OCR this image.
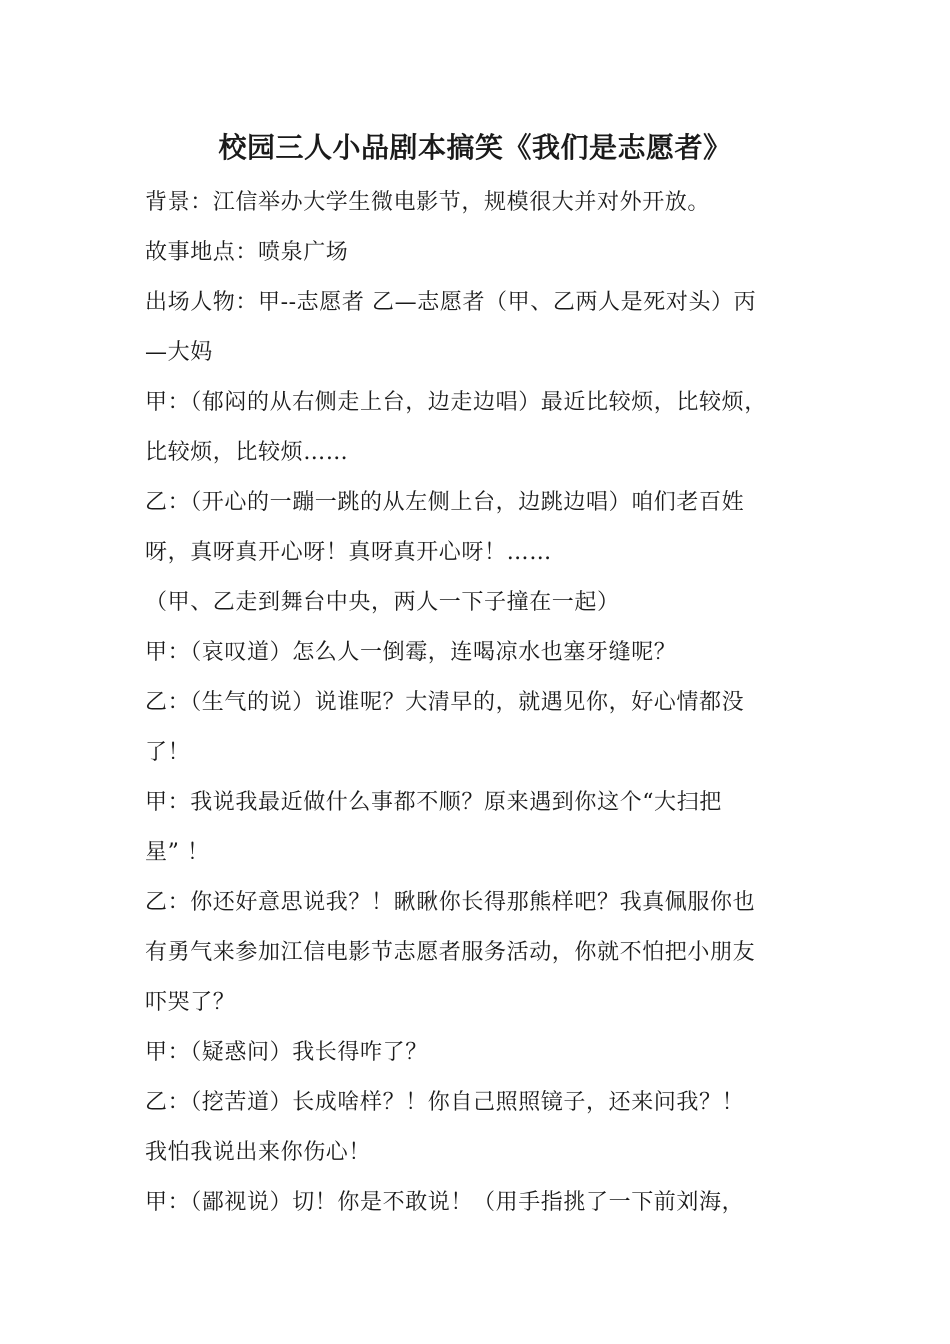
校园三人小品剧本搞笑《我们是志愿者》
背景：江信举办大学生微电影节，规模很大并对外开放。
故事地点：喷泉广场
出场人物：甲--志愿者 乙—志愿者（甲、乙两人是死对头）丙
—大妈
甲：（郁闷的从右侧走上台，边走边唱）最近比较烦，比较烦，
比较烦，比较烦……
乙：（开心的一蹦一跳的从左侧上台，边跳边唱）咱们老百姓
呀，真呀真开心呀！真呀真开心呀！……
（甲、乙走到舞台中央，两人一下子撞在一起）
甲：（哀叹道）怎么人一倒霉，连喝凉水也塞牙缝呢？
乙：（生气的说）说谁呢？大清早的，就遇见你，好心情都没
了！
甲：我说我最近做什么事都不顺？原来遇到你这个“大扫把
星” ！
乙：你还好意思说我？！瞅瞅你长得那熊样吧？我真佩服你也
有勇气来参加江信电影节志愿者服务活动，你就不怕把小朋友
吓哭了？
甲：（疑惑问）我长得咋了？
乙：（挖苦道）长成啥样？！你自己照照镜子，还来问我？！
我怕我说出来你伤心！
甲：（鄙视说）切！你是不敢说！（用手指挑了一下前刘海，
